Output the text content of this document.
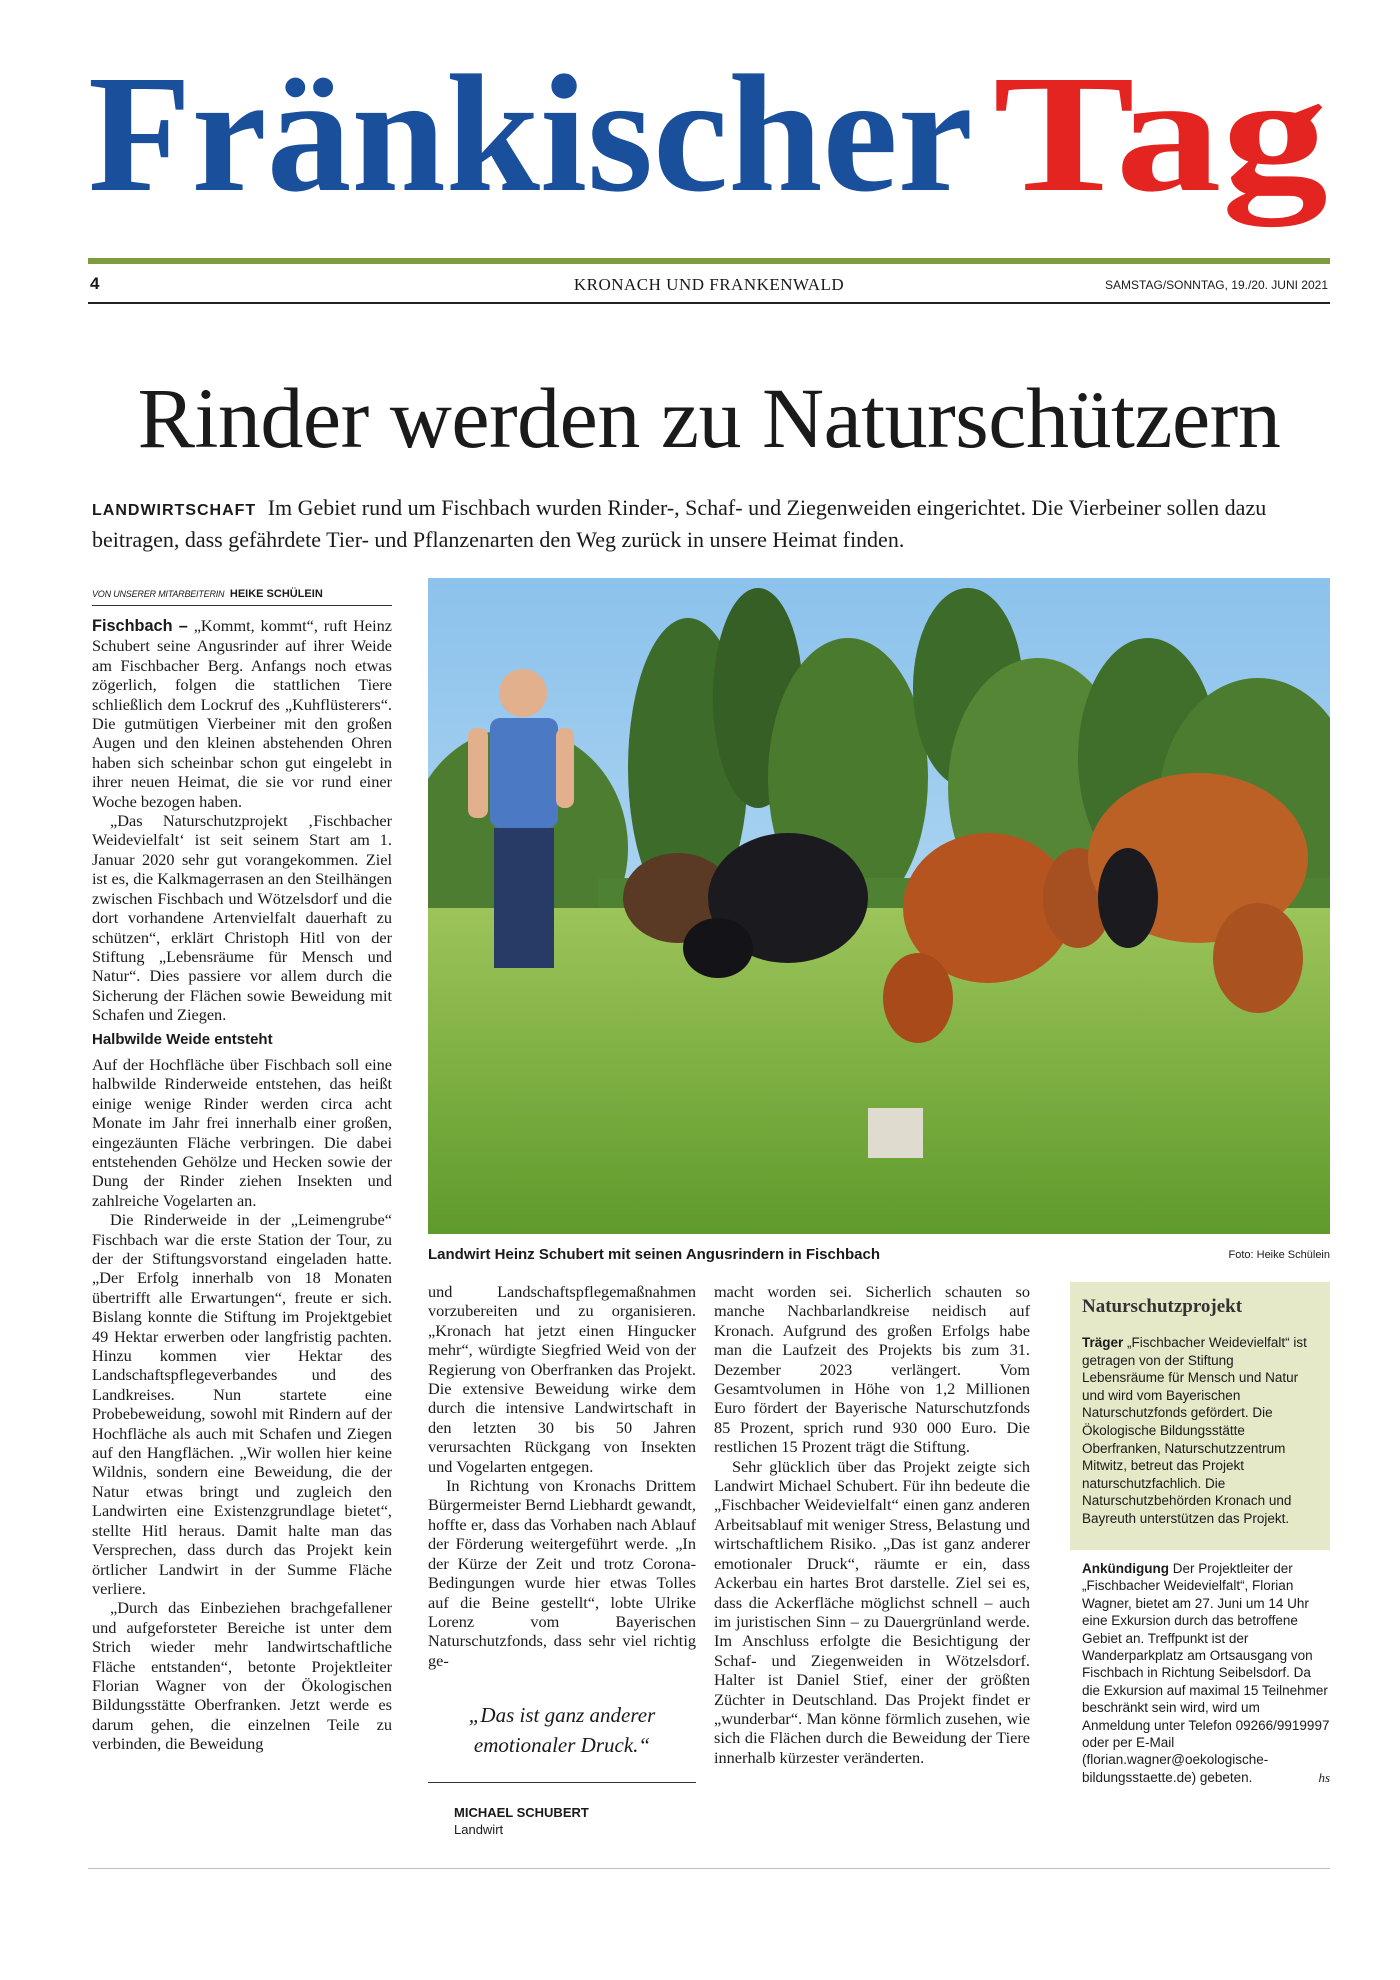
Fränkischer Tag
4	KRONACH UND FRANKENWALD	SAMSTAG/SONNTAG, 19./20. JUNI 2021
Rinder werden zu Naturschützern
LANDWIRTSCHAFT Im Gebiet rund um Fischbach wurden Rinder-, Schaf- und Ziegenweiden eingerichtet. Die Vierbeiner sollen dazu beitragen, dass gefährdete Tier- und Pflanzenarten den Weg zurück in unsere Heimat finden.
VON UNSERER MITARBEITERIN HEIKE SCHÜLEIN

Fischbach – „Kommt, kommt“, ruft Heinz Schubert seine Angusrinder auf ihrer Weide am Fischbacher Berg. Anfangs noch etwas zögerlich, folgen die stattlichen Tiere schließlich dem Lockruf des „Kuhflüsterers“. Die gutmütigen Vierbeiner mit den großen Augen und den kleinen abstehenden Ohren haben sich scheinbar schon gut eingelebt in ihrer neuen Heimat, die sie vor rund einer Woche bezogen haben.

„Das Naturschutzprojekt ‚Fischbacher Weidevielfalt‘ ist seit seinem Start am 1. Januar 2020 sehr gut vorangekommen. Ziel ist es, die Kalkmagerrasen an den Steilhängen zwischen Fischbach und Wötzelsdorf und die dort vorhandene Artenvielfalt dauerhaft zu schützen“, erklärt Christoph Hitl von der Stiftung „Lebensräume für Mensch und Natur“. Dies passiere vor allem durch die Sicherung der Flächen sowie Beweidung mit Schafen und Ziegen.

Halbwilde Weide entsteht

Auf der Hochfläche über Fischbach soll eine halbwilde Rinderweide entstehen, das heißt einige wenige Rinder werden circa acht Monate im Jahr frei innerhalb einer großen, eingezäunten Fläche verbringen. Die dabei entstehenden Gehölze und Hecken sowie der Dung der Rinder ziehen Insekten und zahlreiche Vogelarten an.

Die Rinderweide in der „Leimengrube“ Fischbach war die erste Station der Tour, zu der der Stiftungsvorstand eingeladen hatte. „Der Erfolg innerhalb von 18 Monaten übertrifft alle Erwartungen“, freute er sich. Bislang konnte die Stiftung im Projektgebiet 49 Hektar erwerben oder langfristig pachten. Hinzu kommen vier Hektar des Landschaftspflegeverbandes und des Landkreises. Nun startete eine Probebeweidung, sowohl mit Rindern auf der Hochfläche als auch mit Schafen und Ziegen auf den Hangflächen. „Wir wollen hier keine Wildnis, sondern eine Beweidung, die der Natur etwas bringt und zugleich den Landwirten eine Existenzgrundlage bietet“, stellte Hitl heraus. Damit halte man das Versprechen, dass durch das Projekt kein örtlicher Landwirt in der Summe Fläche verliere.

„Durch das Einbeziehen brachgefallener und aufgeforsteter Bereiche ist unter dem Strich wieder mehr landwirtschaftliche Fläche entstanden“, betonte Projektleiter Florian Wagner von der Ökologischen Bildungsstätte Oberfranken. Jetzt werde es darum gehen, die einzelnen Teile zu verbinden, die Beweidung

Landwirt Heinz Schubert mit seinen Angusrindern in Fischbach	Foto: Heike Schülein

und Landschaftspflegemaßnahmen vorzubereiten und zu organisieren. „Kronach hat jetzt einen Hingucker mehr“, würdigte Siegfried Weid von der Regierung von Oberfranken das Projekt. Die extensive Beweidung wirke dem durch die intensive Landwirtschaft in den letzten 30 bis 50 Jahren verursachten Rückgang von Insekten und Vogelarten entgegen.

In Richtung von Kronachs Drittem Bürgermeister Bernd Liebhardt gewandt, hoffte er, dass das Vorhaben nach Ablauf der Förderung weitergeführt werde. „In der Kürze der Zeit und trotz Corona-Bedingungen wurde hier etwas Tolles auf die Beine gestellt“, lobte Ulrike Lorenz vom Bayerischen Naturschutzfonds, dass sehr viel richtig ge-

„Das ist ganz anderer emotionaler Druck.“
MICHAEL SCHUBERT
Landwirt

macht worden sei. Sicherlich schauten so manche Nachbarlandkreise neidisch auf Kronach. Aufgrund des großen Erfolgs habe man die Laufzeit des Projekts bis zum 31. Dezember 2023 verlängert. Vom Gesamtvolumen in Höhe von 1,2 Millionen Euro fördert der Bayerische Naturschutzfonds 85 Prozent, sprich rund 930 000 Euro. Die restlichen 15 Prozent trägt die Stiftung.

Sehr glücklich über das Projekt zeigte sich Landwirt Michael Schubert. Für ihn bedeute die „Fischbacher Weidevielfalt“ einen ganz anderen Arbeitsablauf mit weniger Stress, Belastung und wirtschaftlichem Risiko. „Das ist ganz anderer emotionaler Druck“, räumte er ein, dass Ackerbau ein hartes Brot darstelle. Ziel sei es, dass die Ackerfläche möglichst schnell – auch im juristischen Sinn – zu Dauergrünland werde. Im Anschluss erfolgte die Besichtigung der Schaf- und Ziegenweiden in Wötzelsdorf. Halter ist Daniel Stief, einer der größten Züchter in Deutschland. Das Projekt findet er „wunderbar“. Man könne förmlich zusehen, wie sich die Flächen durch die Beweidung der Tiere innerhalb kürzester veränderten.

Naturschutzprojekt
Träger „Fischbacher Weidevielfalt“ ist getragen von der Stiftung Lebensräume für Mensch und Natur und wird vom Bayerischen Naturschutzfonds gefördert. Die Ökologische Bildungsstätte Oberfranken, Naturschutzzentrum Mitwitz, betreut das Projekt naturschutzfachlich. Die Naturschutzbehörden Kronach und Bayreuth unterstützen das Projekt.
Ankündigung Der Projektleiter der „Fischbacher Weidevielfalt“, Florian Wagner, bietet am 27. Juni um 14 Uhr eine Exkursion durch das betroffene Gebiet an. Treffpunkt ist der Wanderparkplatz am Ortsausgang von Fischbach in Richtung Seibelsdorf. Da die Exkursion auf maximal 15 Teilnehmer beschränkt sein wird, wird um Anmeldung unter Telefon 09266/9919997 oder per E-Mail (florian.wagner@oekologische-bildungsstaette.de) gebeten.	hs
